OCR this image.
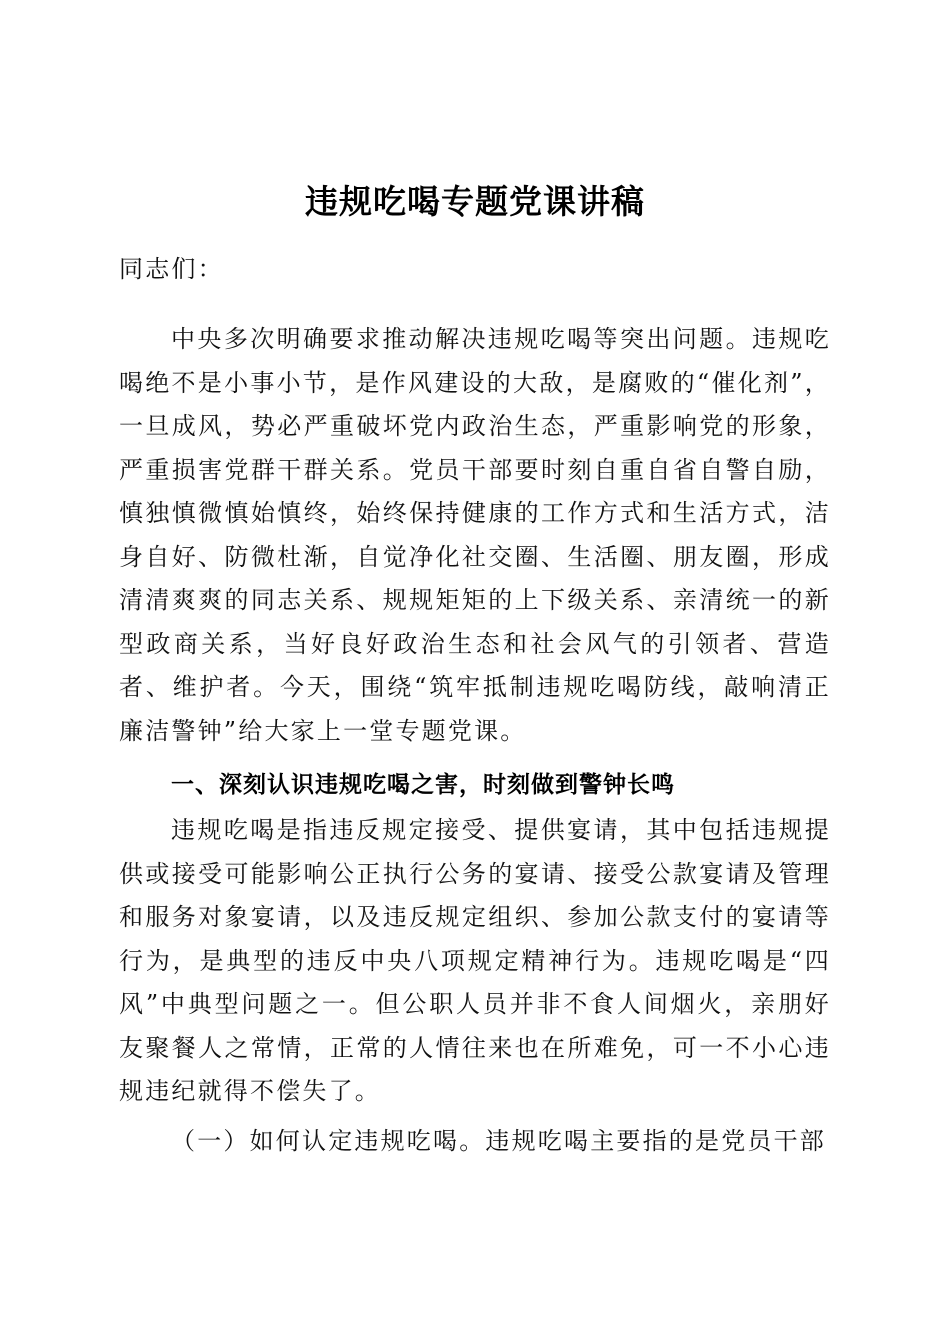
违规吃喝专题党课讲稿
同志们：
中央多次明确要求推动解决违规吃喝等突出问题。违规吃喝绝不是小事小节，是作风建设的大敌，是腐败的“催化剂”，一旦成风，势必严重破坏党内政治生态，严重影响党的形象，严重损害党群干群关系。党员干部要时刻自重自省自警自励，慎独慎微慎始慎终，始终保持健康的工作方式和生活方式，洁身自好、防微杜渐，自觉净化社交圈、生活圈、朋友圈，形成清清爽爽的同志关系、规规矩矩的上下级关系、亲清统一的新型政商关系，当好良好政治生态和社会风气的引领者、营造者、维护者。今天，围绕“筑牢抵制违规吃喝防线，敲响清正廉洁警钟”给大家上一堂专题党课。
一、深刻认识违规吃喝之害，时刻做到警钟长鸣
违规吃喝是指违反规定接受、提供宴请，其中包括违规提供或接受可能影响公正执行公务的宴请、接受公款宴请及管理和服务对象宴请，以及违反规定组织、参加公款支付的宴请等行为，是典型的违反中央八项规定精神行为。违规吃喝是“四风”中典型问题之一。但公职人员并非不食人间烟火，亲朋好友聚餐人之常情，正常的人情往来也在所难免，可一不小心违规违纪就得不偿失了。
（一）如何认定违规吃喝。违规吃喝主要指的是党员干部
